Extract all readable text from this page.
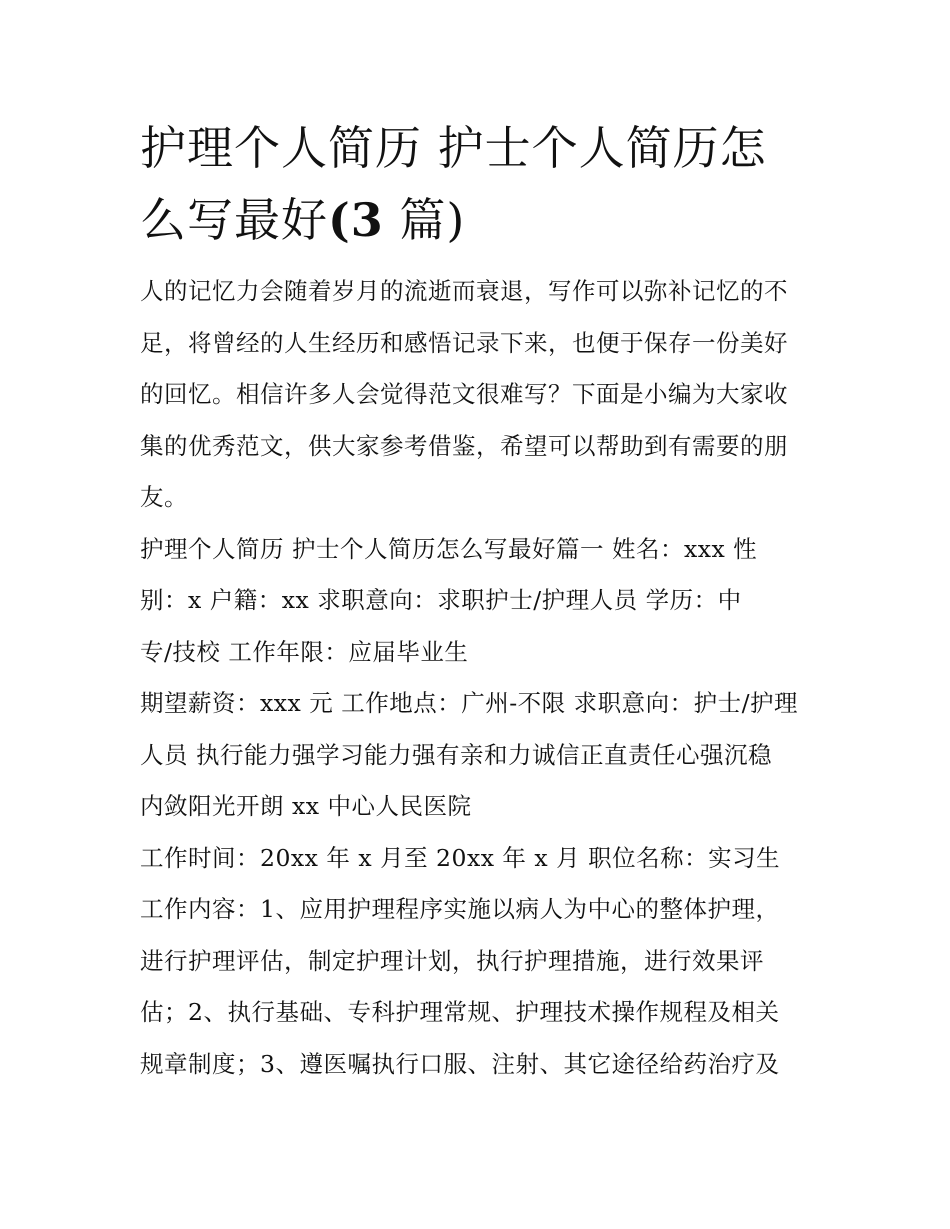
护理个人简历 护士个人简历怎
么写最好(3 篇)

人的记忆力会随着岁月的流逝而衰退，写作可以弥补记忆的不
足，将曾经的人生经历和感悟记录下来，也便于保存一份美好
的回忆。相信许多人会觉得范文很难写？下面是小编为大家收
集的优秀范文，供大家参考借鉴，希望可以帮助到有需要的朋
友。

护理个人简历 护士个人简历怎么写最好篇一 姓名：xxx 性
别：x 户籍：xx 求职意向：求职护士/护理人员 学历：中
专/技校 工作年限：应届毕业生

期望薪资：xxx 元 工作地点：广州-不限 求职意向：护士/护理
人员 执行能力强学习能力强有亲和力诚信正直责任心强沉稳
内敛阳光开朗 xx 中心人民医院

工作时间：20xx 年 x 月至 20xx 年 x 月 职位名称：实习生

工作内容：1、应用护理程序实施以病人为中心的整体护理，
进行护理评估，制定护理计划，执行护理措施，进行效果评
估；2、执行基础、专科护理常规、护理技术操作规程及相关
规章制度；3、遵医嘱执行口服、注射、其它途径给药治疗及
